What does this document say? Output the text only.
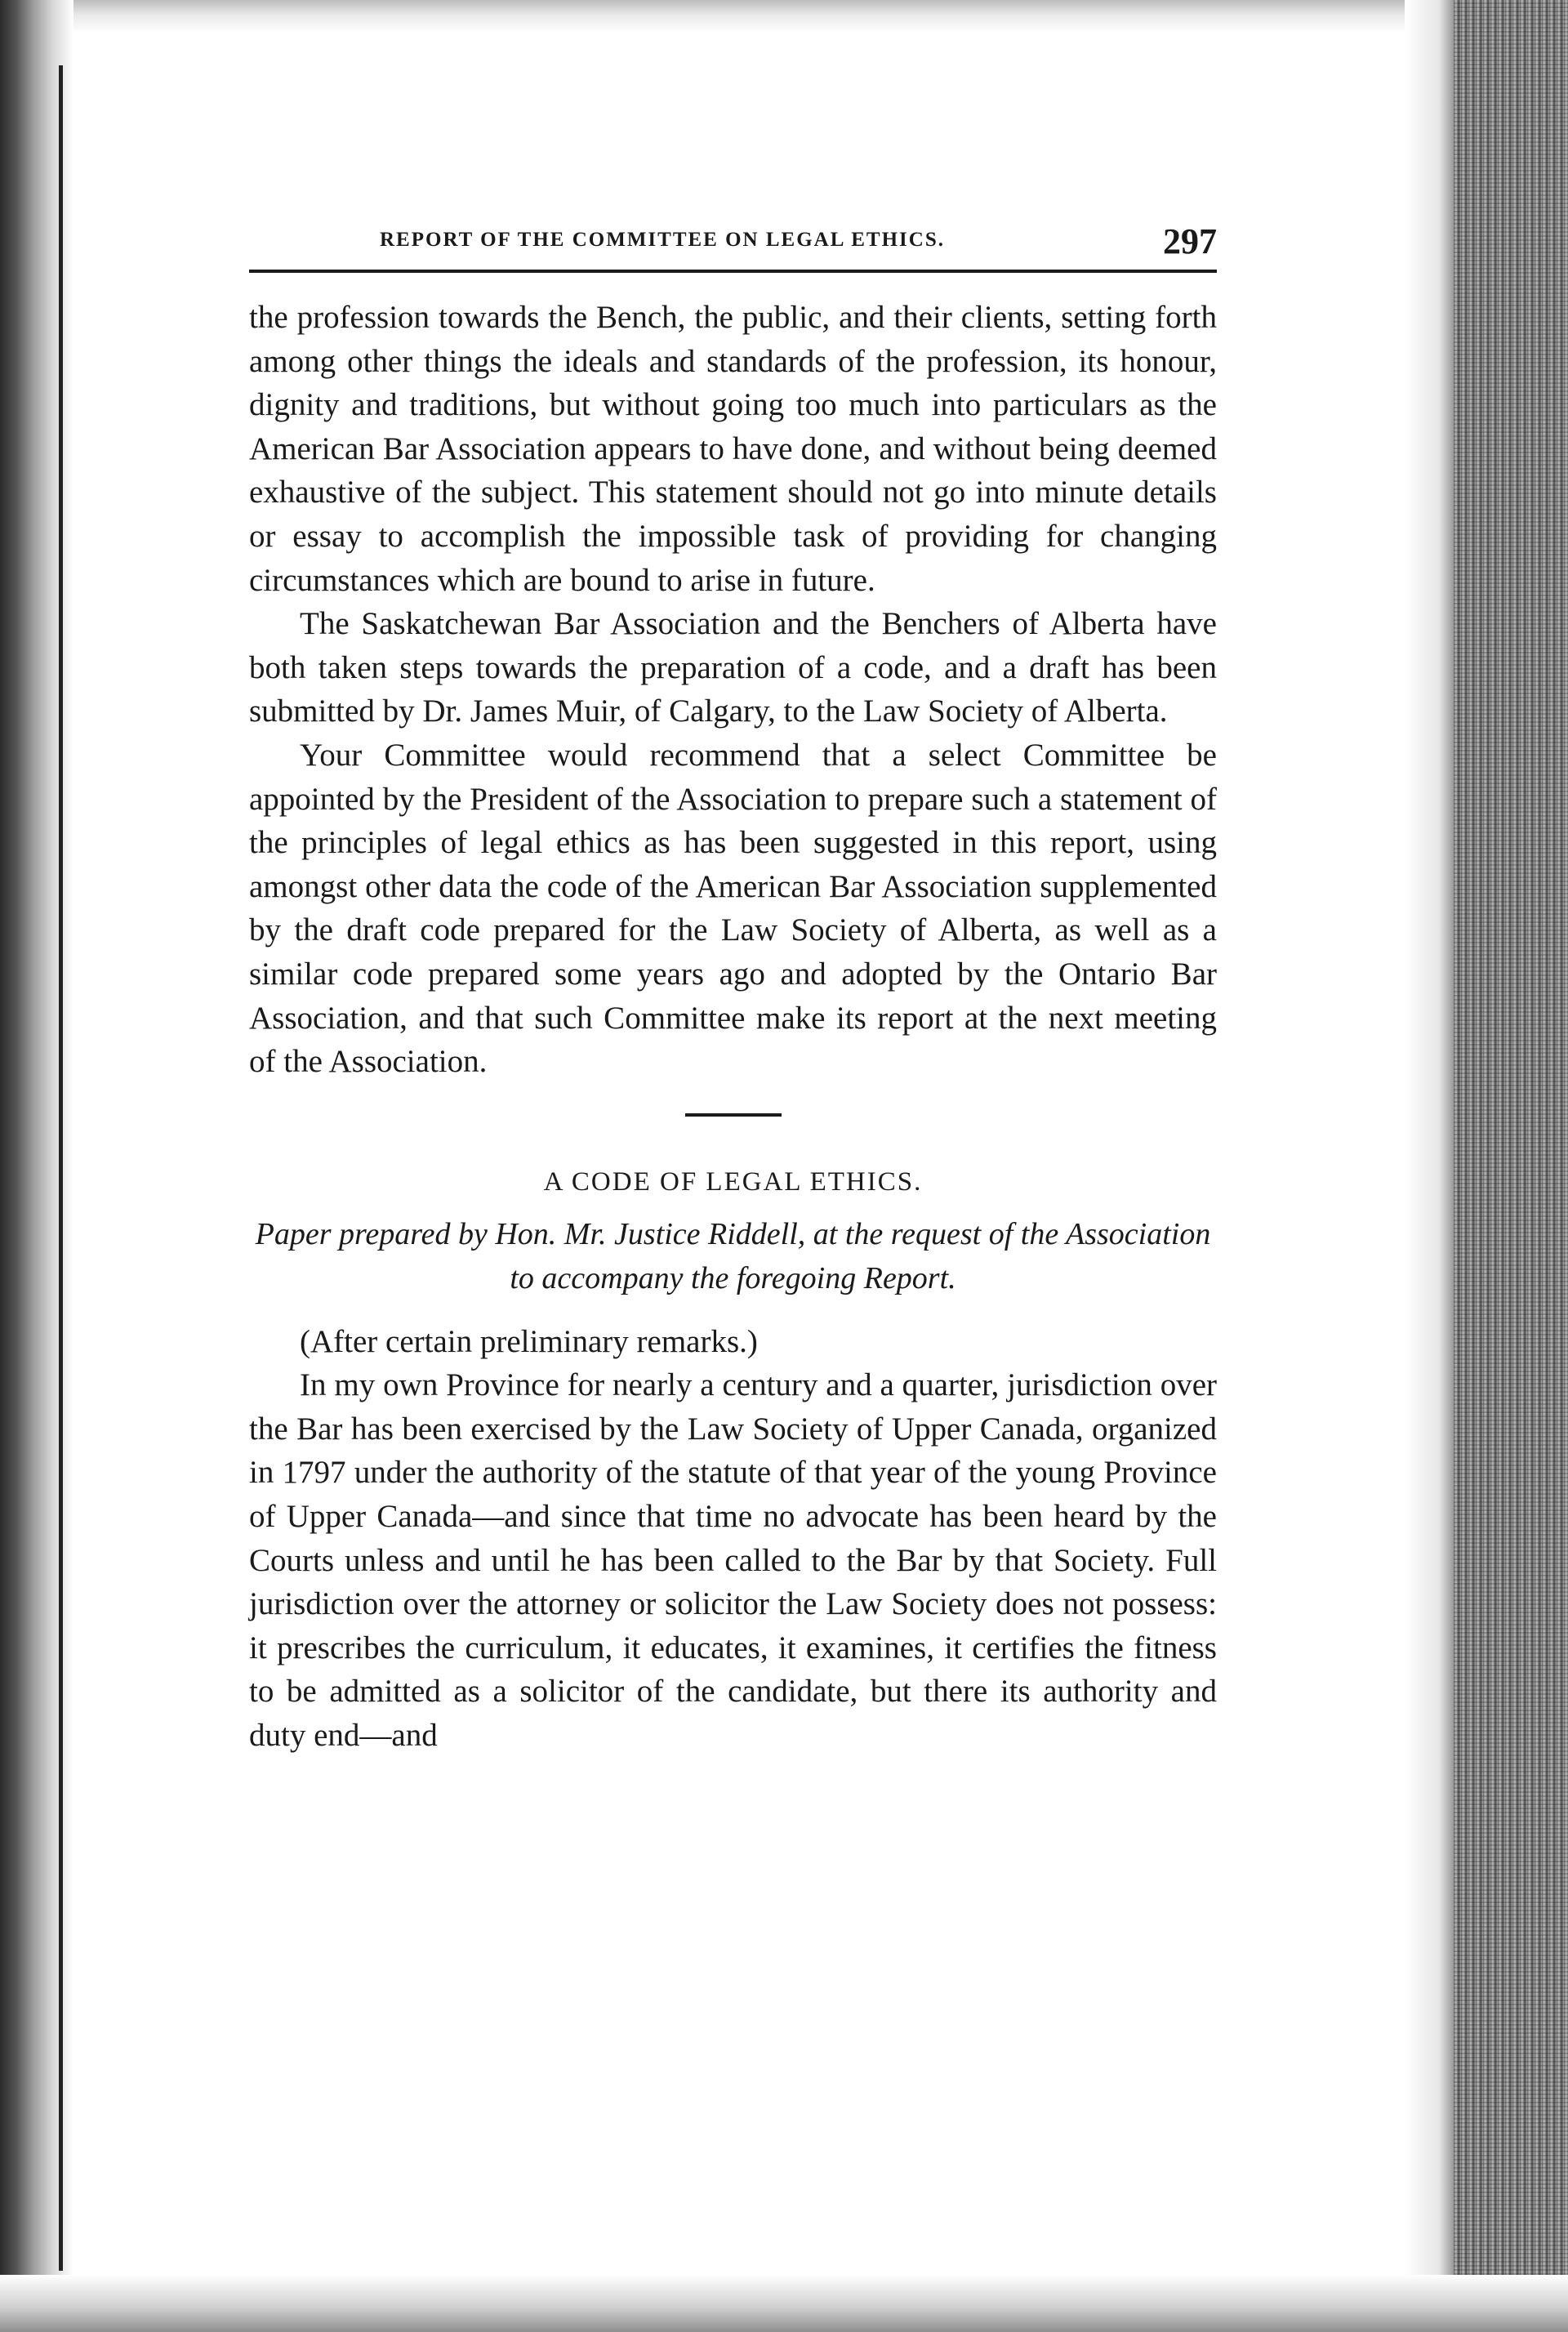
REPORT OF THE COMMITTEE ON LEGAL ETHICS.	297

the profession towards the Bench, the public, and their clients, setting forth among other things the ideals and standards of the profession, its honour, dignity and traditions, but without going too much into particulars as the American Bar Association appears to have done, and without being deemed exhaustive of the subject. This statement should not go into minute details or essay to accomplish the impossible task of providing for changing circumstances which are bound to arise in future.

The Saskatchewan Bar Association and the Benchers of Alberta have both taken steps towards the preparation of a code, and a draft has been submitted by Dr. James Muir, of Calgary, to the Law Society of Alberta.

Your Committee would recommend that a select Committee be appointed by the President of the Association to prepare such a statement of the principles of legal ethics as has been suggested in this report, using amongst other data the code of the American Bar Association supplemented by the draft code prepared for the Law Society of Alberta, as well as a similar code prepared some years ago and adopted by the Ontario Bar Association, and that such Committee make its report at the next meeting of the Association.

A CODE OF LEGAL ETHICS.

Paper prepared by Hon. Mr. Justice Riddell, at the request of the Association to accompany the foregoing Report.

(After certain preliminary remarks.)

In my own Province for nearly a century and a quarter, jurisdiction over the Bar has been exercised by the Law Society of Upper Canada, organized in 1797 under the authority of the statute of that year of the young Province of Upper Canada—and since that time no advocate has been heard by the Courts unless and until he has been called to the Bar by that Society. Full jurisdiction over the attorney or solicitor the Law Society does not possess: it prescribes the curriculum, it educates, it examines, it certifies the fitness to be admitted as a solicitor of the candidate, but there its authority and duty end—and
